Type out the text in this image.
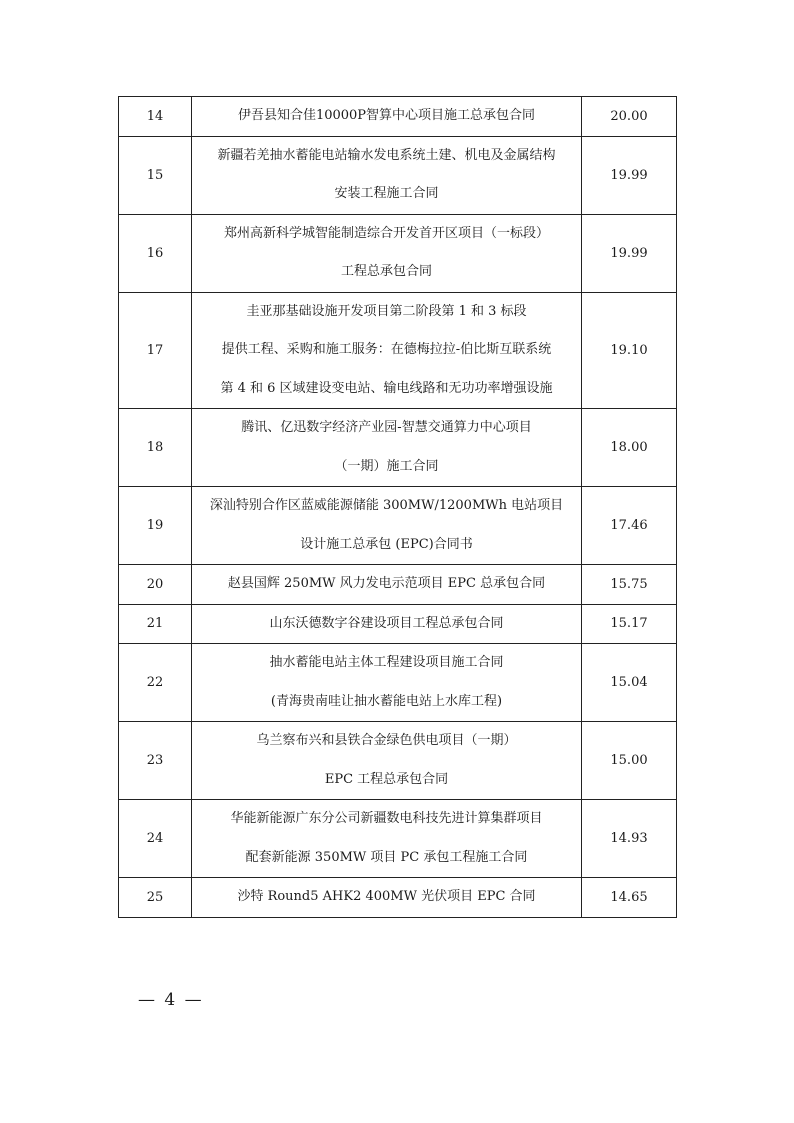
14	伊吾县知合佳10000P智算中心项目施工总承包合同	20.00
15	新疆若羌抽水蓄能电站输水发电系统土建、机电及金属结构
安装工程施工合同	19.99
16	郑州高新科学城智能制造综合开发首开区项目（一标段）
工程总承包合同	19.99
17	圭亚那基础设施开发项目第二阶段第 1 和 3 标段
提供工程、采购和施工服务：在德梅拉拉-伯比斯互联系统
第 4 和 6 区域建设变电站、输电线路和无功功率增强设施	19.10
18	腾讯、亿迅数字经济产业园-智慧交通算力中心项目
（一期）施工合同	18.00
19	深汕特别合作区蓝威能源储能 300MW/1200MWh 电站项目
设计施工总承包 (EPC)合同书	17.46
20	赵县国辉 250MW 风力发电示范项目 EPC 总承包合同	15.75
21	山东沃德数字谷建设项目工程总承包合同	15.17
22	抽水蓄能电站主体工程建设项目施工合同
(青海贵南哇让抽水蓄能电站上水库工程)	15.04
23	乌兰察布兴和县铁合金绿色供电项目（一期）
EPC 工程总承包合同	15.00
24	华能新能源广东分公司新疆数电科技先进计算集群项目
配套新能源 350MW 项目 PC 承包工程施工合同	14.93
25	沙特 Round5 AHK2 400MW 光伏项目 EPC 合同	14.65
— 4 —
